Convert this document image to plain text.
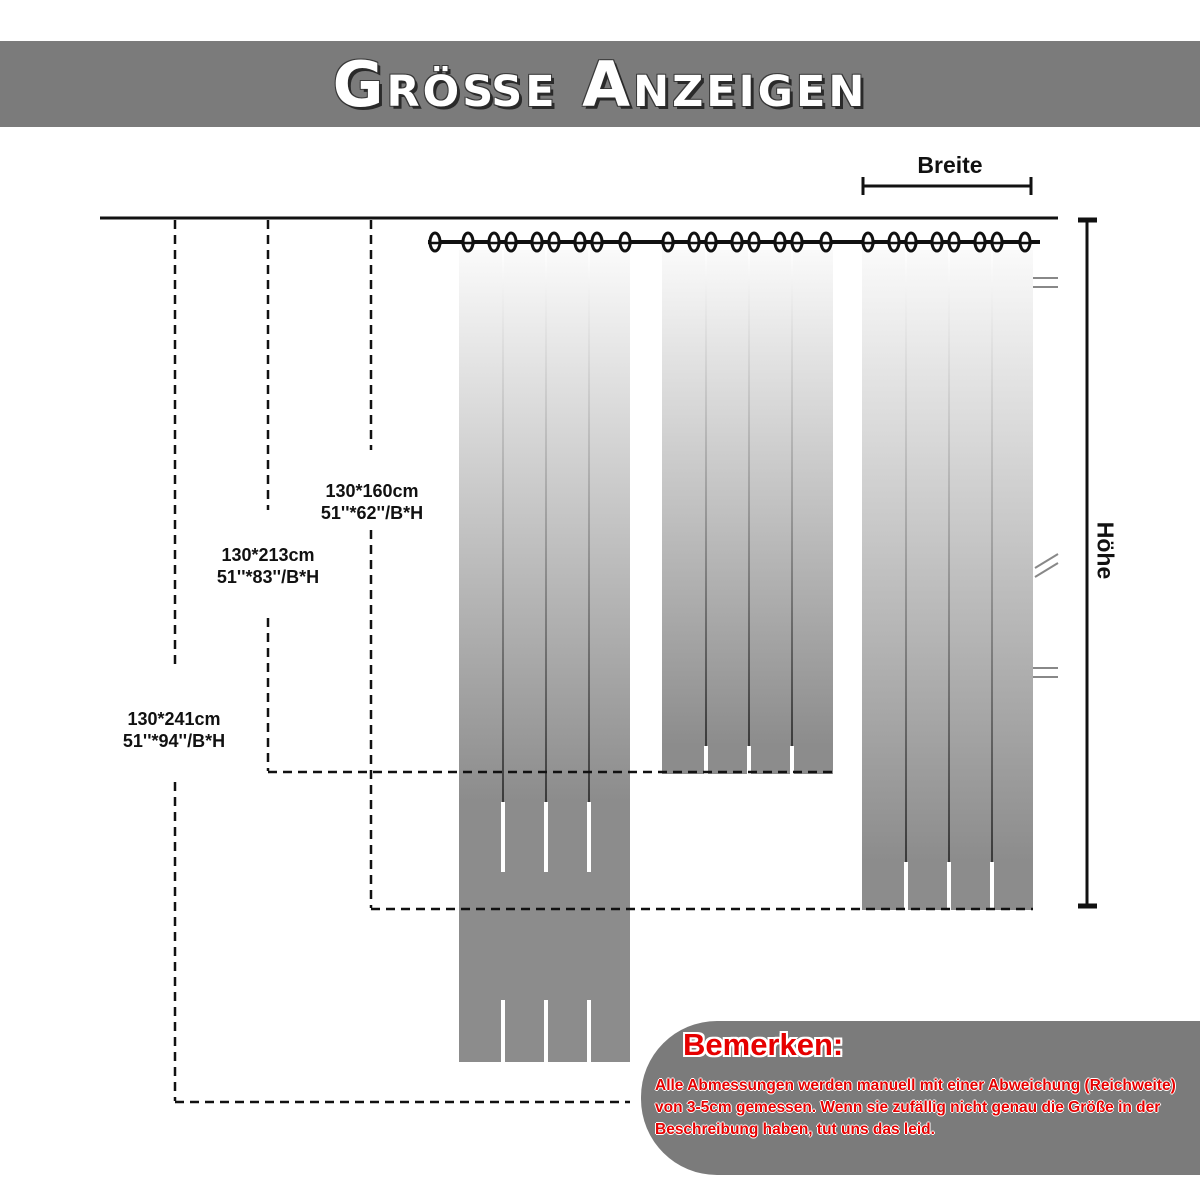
Größe Anzeigen
Breite
Höhe
130*160cm
51''*62''/B*H
130*213cm
51''*83''/B*H
130*241cm
51''*94''/B*H
Bemerken:
Alle Abmessungen werden manuell mit einer Abweichung (Reichweite) von 3-5cm gemessen. Wenn sie zufällig nicht genau die Größe in der Beschreibung haben, tut uns das leid.
